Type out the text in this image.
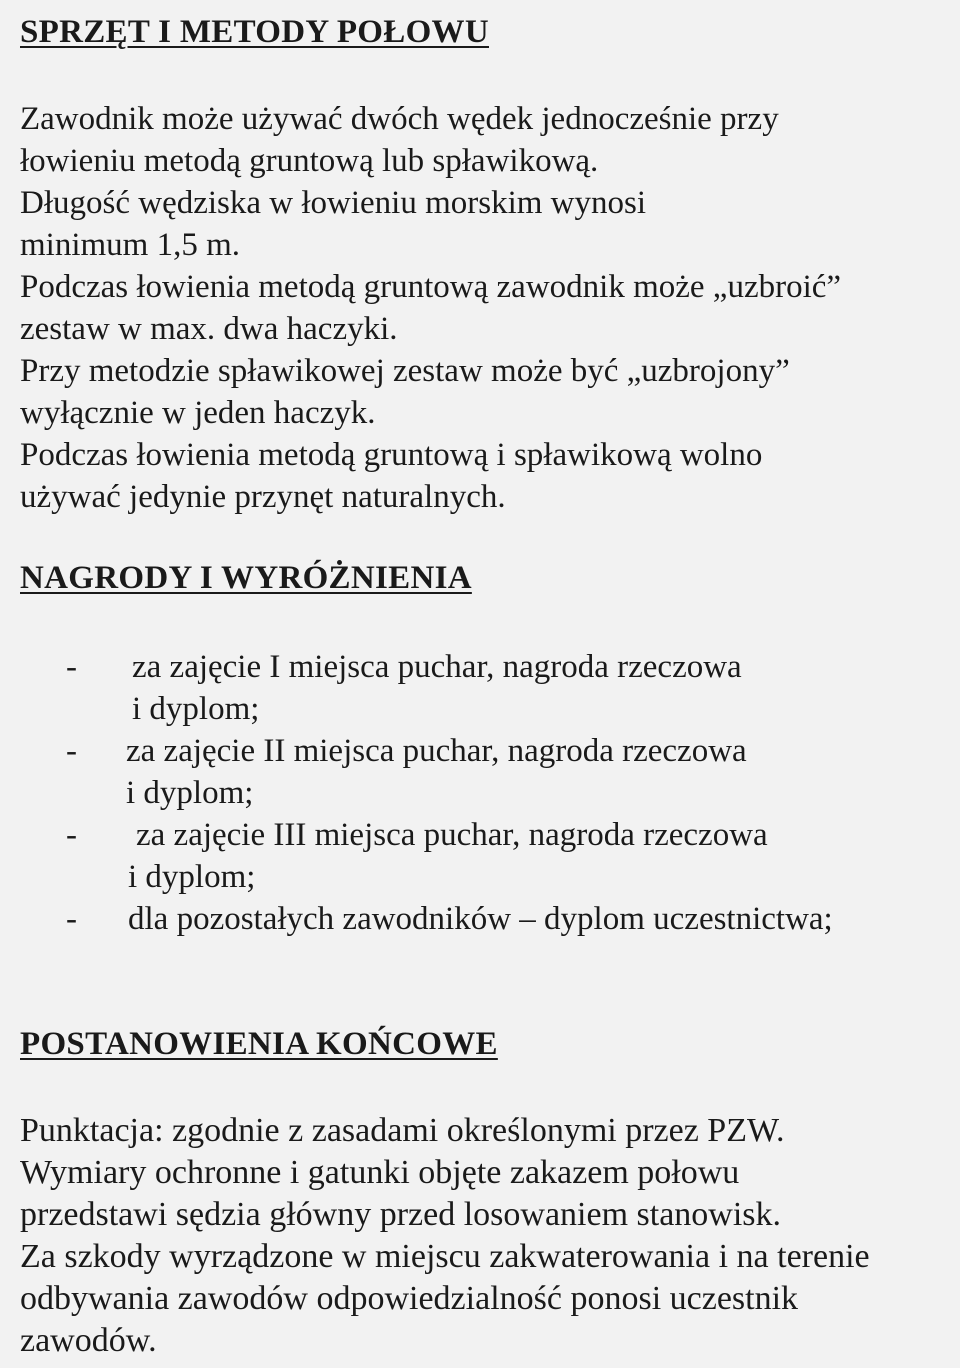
SPRZĘT I METODY POŁOWU
Zawodnik może używać dwóch wędek jednocześnie przy
łowieniu metodą gruntową lub spławikową.
Długość wędziska w łowieniu morskim wynosi
minimum 1,5 m.
Podczas łowienia metodą gruntową zawodnik może „uzbroić”
zestaw w max. dwa haczyki.
Przy metodzie spławikowej zestaw może być „uzbrojony”
wyłącznie w jeden haczyk.
Podczas łowienia metodą gruntową i spławikową wolno
używać jedynie przynęt naturalnych.
NAGRODY I WYRÓŻNIENIA
- za zajęcie I miejsca puchar, nagroda rzeczowa
i dyplom;
- za zajęcie II miejsca puchar, nagroda rzeczowa
i dyplom;
- za zajęcie III miejsca puchar, nagroda rzeczowa
i dyplom;
- dla pozostałych zawodników – dyplom uczestnictwa;
POSTANOWIENIA KOŃCOWE
Punktacja: zgodnie z zasadami określonymi przez PZW.
Wymiary ochronne i gatunki objęte zakazem połowu
przedstawi sędzia główny przed losowaniem stanowisk.
Za szkody wyrządzone w miejscu zakwaterowania i na terenie
odbywania zawodów odpowiedzialność ponosi uczestnik
zawodów.
